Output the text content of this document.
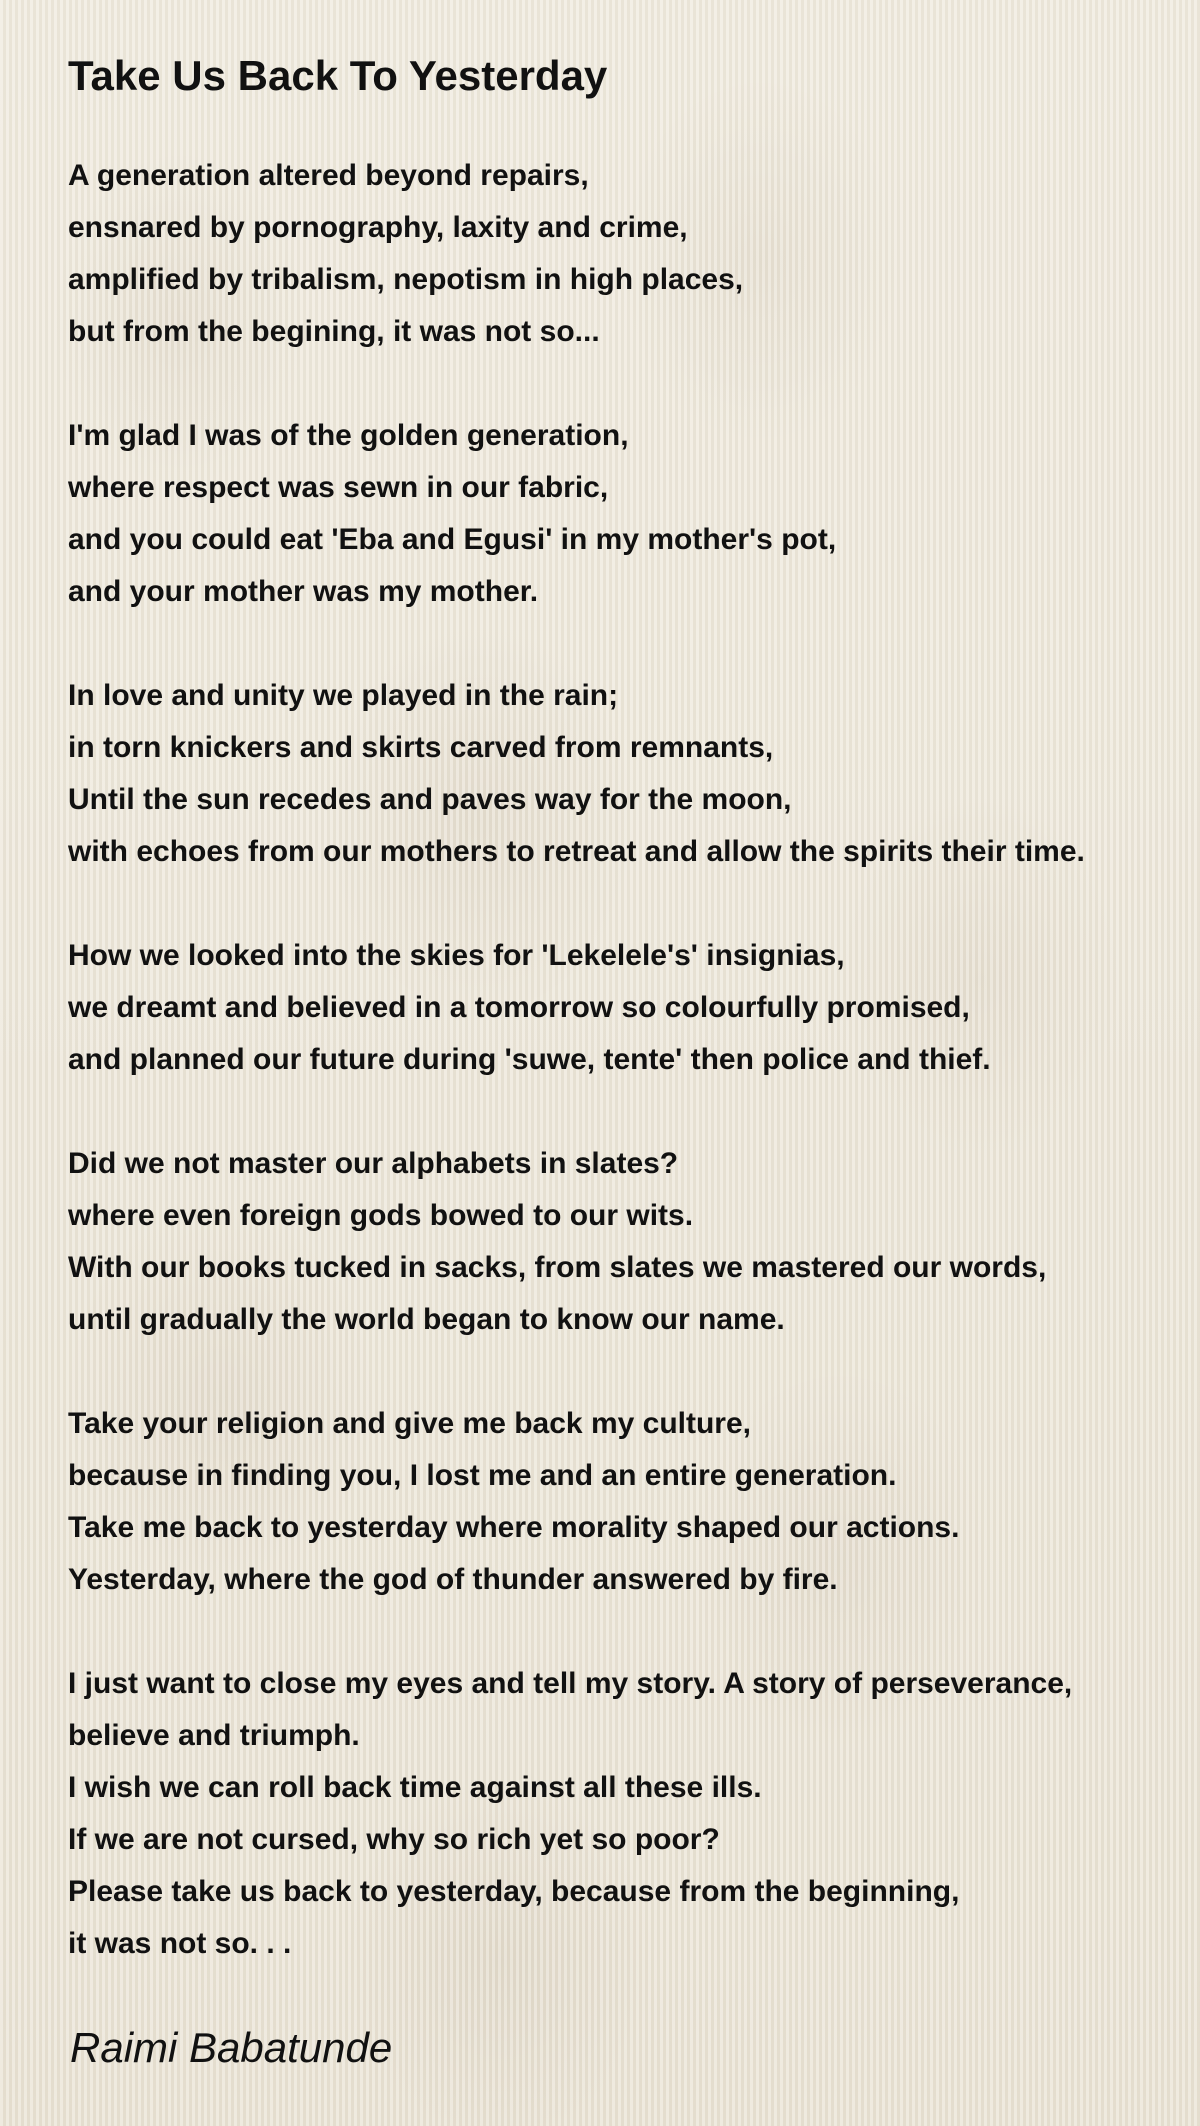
Take Us Back To Yesterday
A generation altered beyond repairs,
ensnared by pornography, laxity and crime,
amplified by tribalism, nepotism in high places,
but from the begining, it was not so...
I'm glad I was of the golden generation,
where respect was sewn in our fabric,
and you could eat 'Eba and Egusi' in my mother's pot,
and your mother was my mother.
In love and unity we played in the rain;
in torn knickers and skirts carved from remnants,
Until the sun recedes and paves way for the moon,
with echoes from our mothers to retreat and allow the spirits their time.
How we looked into the skies for 'Lekelele's' insignias,
we dreamt and believed in a tomorrow so colourfully promised,
and planned our future during 'suwe, tente' then police and thief.
Did we not master our alphabets in slates?
where even foreign gods bowed to our wits.
With our books tucked in sacks, from slates we mastered our words,
until gradually the world began to know our name.
Take your religion and give me back my culture,
because in finding you, I lost me and an entire generation.
Take me back to yesterday where morality shaped our actions.
Yesterday, where the god of thunder answered by fire.
I just want to close my eyes and tell my story. A story of perseverance,
believe and triumph.
I wish we can roll back time against all these ills.
If we are not cursed, why so rich yet so poor?
Please take us back to yesterday, because from the beginning,
it was not so. . .

Raimi Babatunde
